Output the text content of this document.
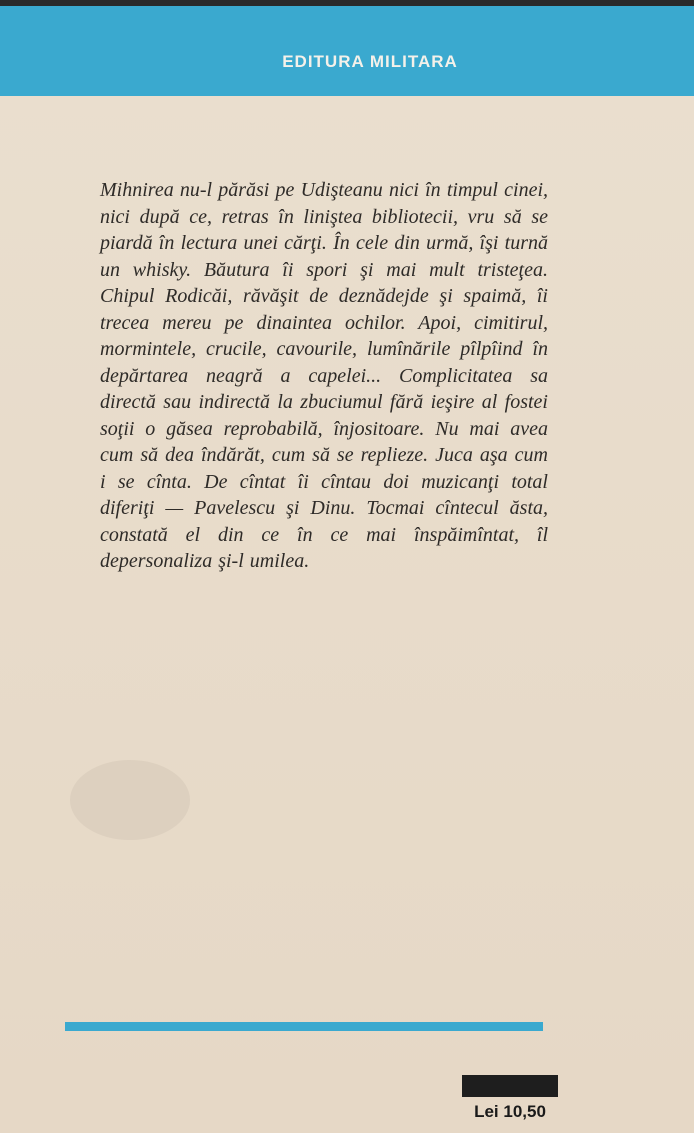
EDITURA MILITARA

Mihnirea nu-l părăsi pe Udişteanu nici în timpul cinei, nici după ce, retras în liniştea bibliotecii, vru să se piardă în lectura unei cărţi. În cele din urmă, îşi turnă un whisky. Băutura îi spori şi mai mult tristeţea. Chipul Rodicăi, răvăşit de deznădejde şi spaimă, îi trecea mereu pe dinaintea ochilor. Apoi, cimitirul, mormintele, crucile, cavourile, lumînările pîlpîind în depărtarea neagră a capelei... Complicitatea sa directă sau indirectă la zbuciumul fără ieşire al fostei soţii o găsea reprobabilă, înjositoare. Nu mai avea cum să dea îndărăt, cum să se replieze. Juca aşa cum i se cînta. De cîntat îi cîntau doi muzicanţi total diferiţi — Pavelescu şi Dinu. Tocmai cîntecul ăsta, constată el din ce în ce mai înspăimîntat, îl depersonaliza şi-l umilea.

Lei 10,50
